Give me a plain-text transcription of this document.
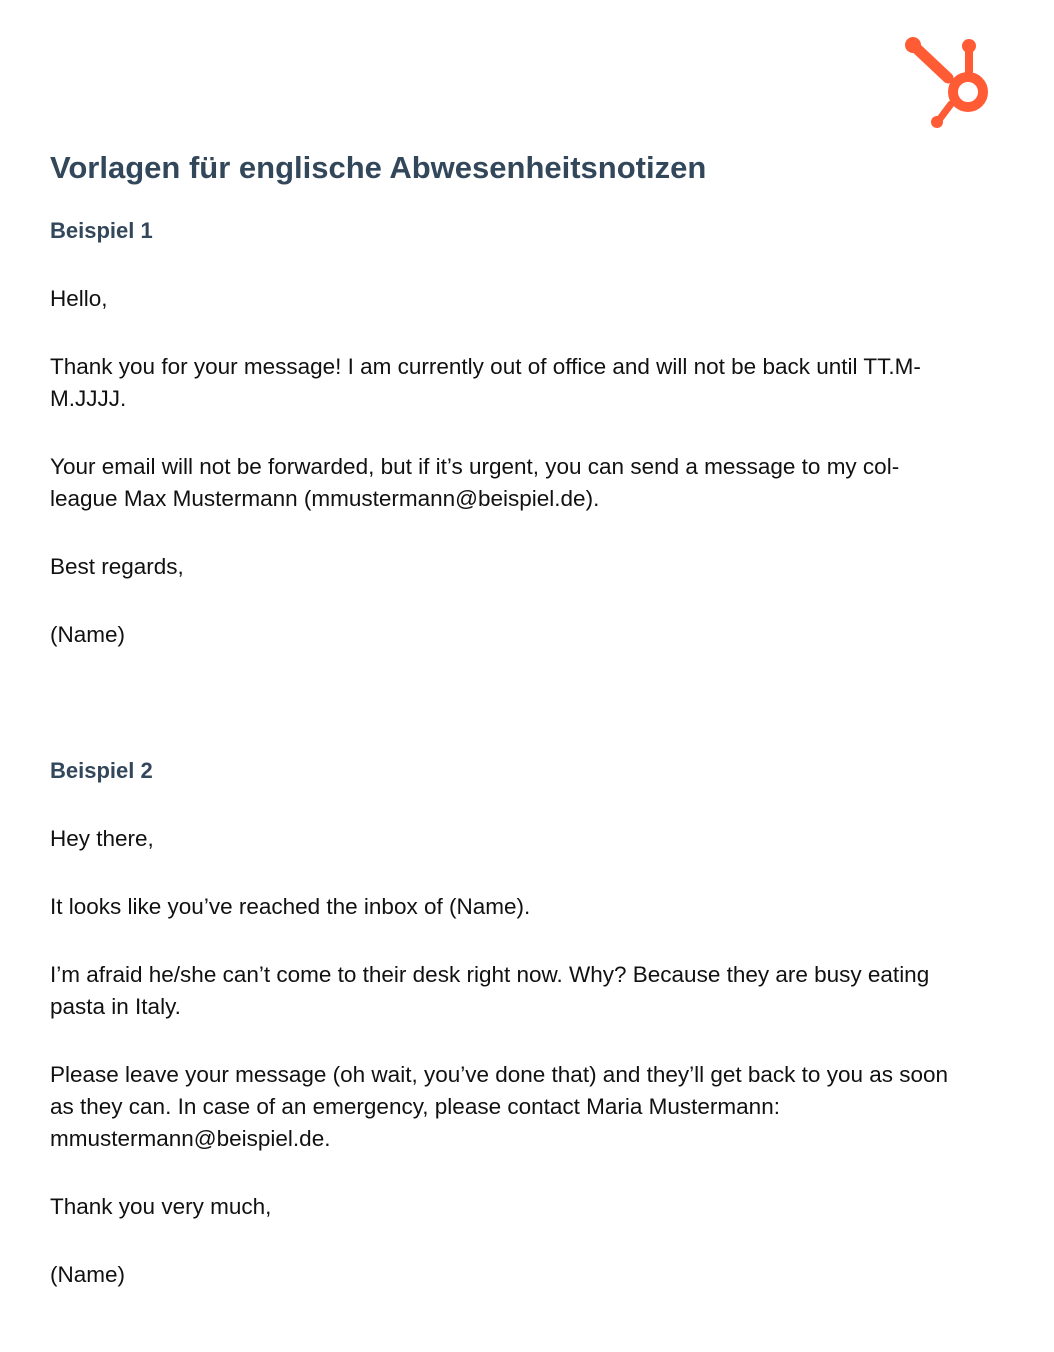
Vorlagen für englische Abwesenheitsnotizen
Beispiel 1

Hello,

Thank you for your message! I am currently out of office and will not be back until TT.M-
M.JJJJ.

Your email will not be forwarded, but if it’s urgent, you can send a message to my col-
league Max Mustermann (mmustermann@beispiel.de).

Best regards,

(Name)

Beispiel 2

Hey there,

It looks like you’ve reached the inbox of (Name).

I’m afraid he/she can’t come to their desk right now. Why? Because they are busy eating
pasta in Italy.

Please leave your message (oh wait, you’ve done that) and they’ll get back to you as soon
as they can. In case of an emergency, please contact Maria Mustermann:
mmustermann@beispiel.de.

Thank you very much,

(Name)
